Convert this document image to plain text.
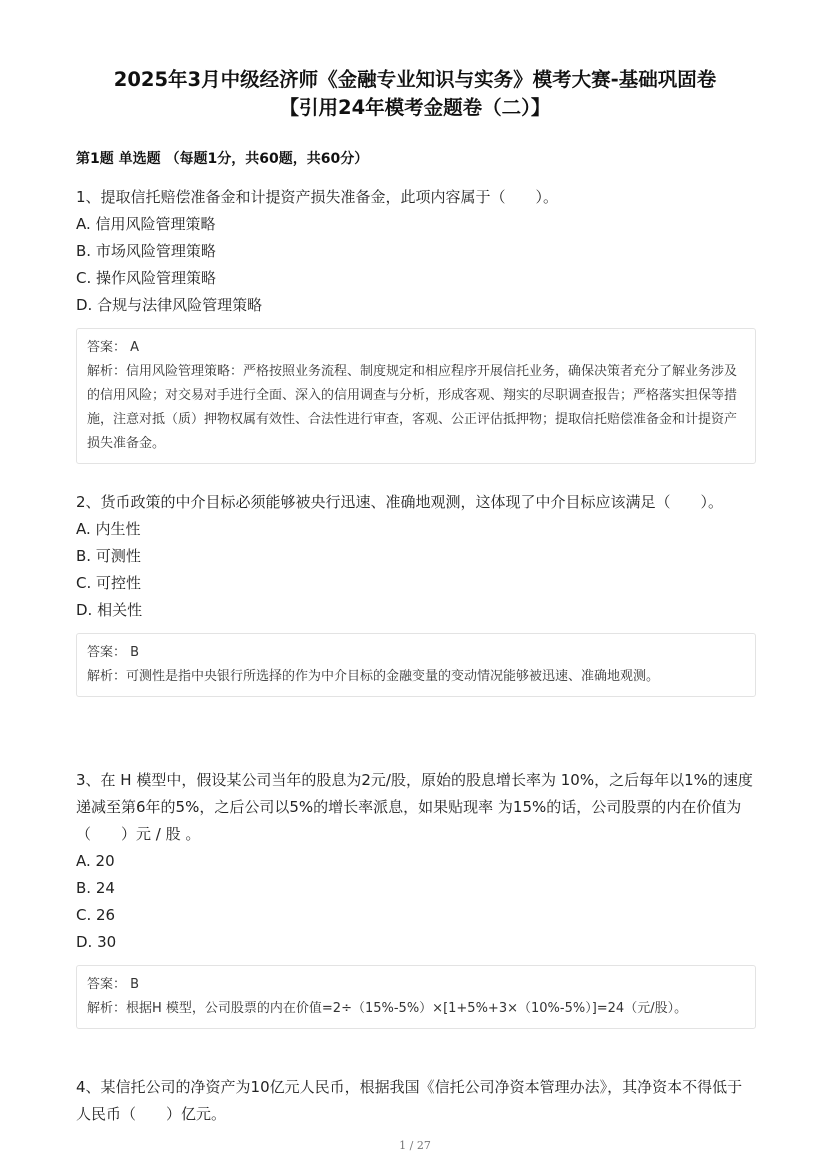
2025年3月中级经济师《金融专业知识与实务》模考大赛-基础巩固卷
【引用24年模考金题卷（二）】
第1题 单选题 （每题1分，共60题，共60分）

1、提取信托赔偿准备金和计提资产损失准备金，此项内容属于（　　）。

A. 信用风险管理策略
B. 市场风险管理策略
C. 操作风险管理策略
D. 合规与法律风险管理策略
答案： A
解析：信用风险管理策略：严格按照业务流程、制度规定和相应程序开展信托业务，确保决策者充分了解业务涉及的信用风险；对交易对手进行全面、深入的信用调查与分析，形成客观、翔实的尽职调查报告；严格落实担保等措施，注意对抵（质）押物权属有效性、合法性进行审查，客观、公正评估抵押物；提取信托赔偿准备金和计提资产损失准备金。

2、货币政策的中介目标必须能够被央行迅速、准确地观测，这体现了中介目标应该满足（　　）。

A. 内生性
B. 可测性
C. 可控性
D. 相关性
答案： B
解析：可测性是指中央银行所选择的作为中介目标的金融变量的变动情况能够被迅速、准确地观测。

3、在 H 模型中，假设某公司当年的股息为2元/股，原始的股息增长率为 10%，之后每年以1%的速度递减至第6年的5%，之后公司以5%的增长率派息，如果贴现率 为15%的话，公司股票的内在价值为（　　）元 / 股 。

A. 20
B. 24
C. 26
D. 30
答案： B
解析：根据H 模型，公司股票的内在价值=2÷（15%-5%）×[1+5%+3×（10%-5%）]=24（元/股）。

4、某信托公司的净资产为10亿元人民币，根据我国《信托公司净资本管理办法》，其净资本不得低于人民币（　　）亿元。

1 / 27
